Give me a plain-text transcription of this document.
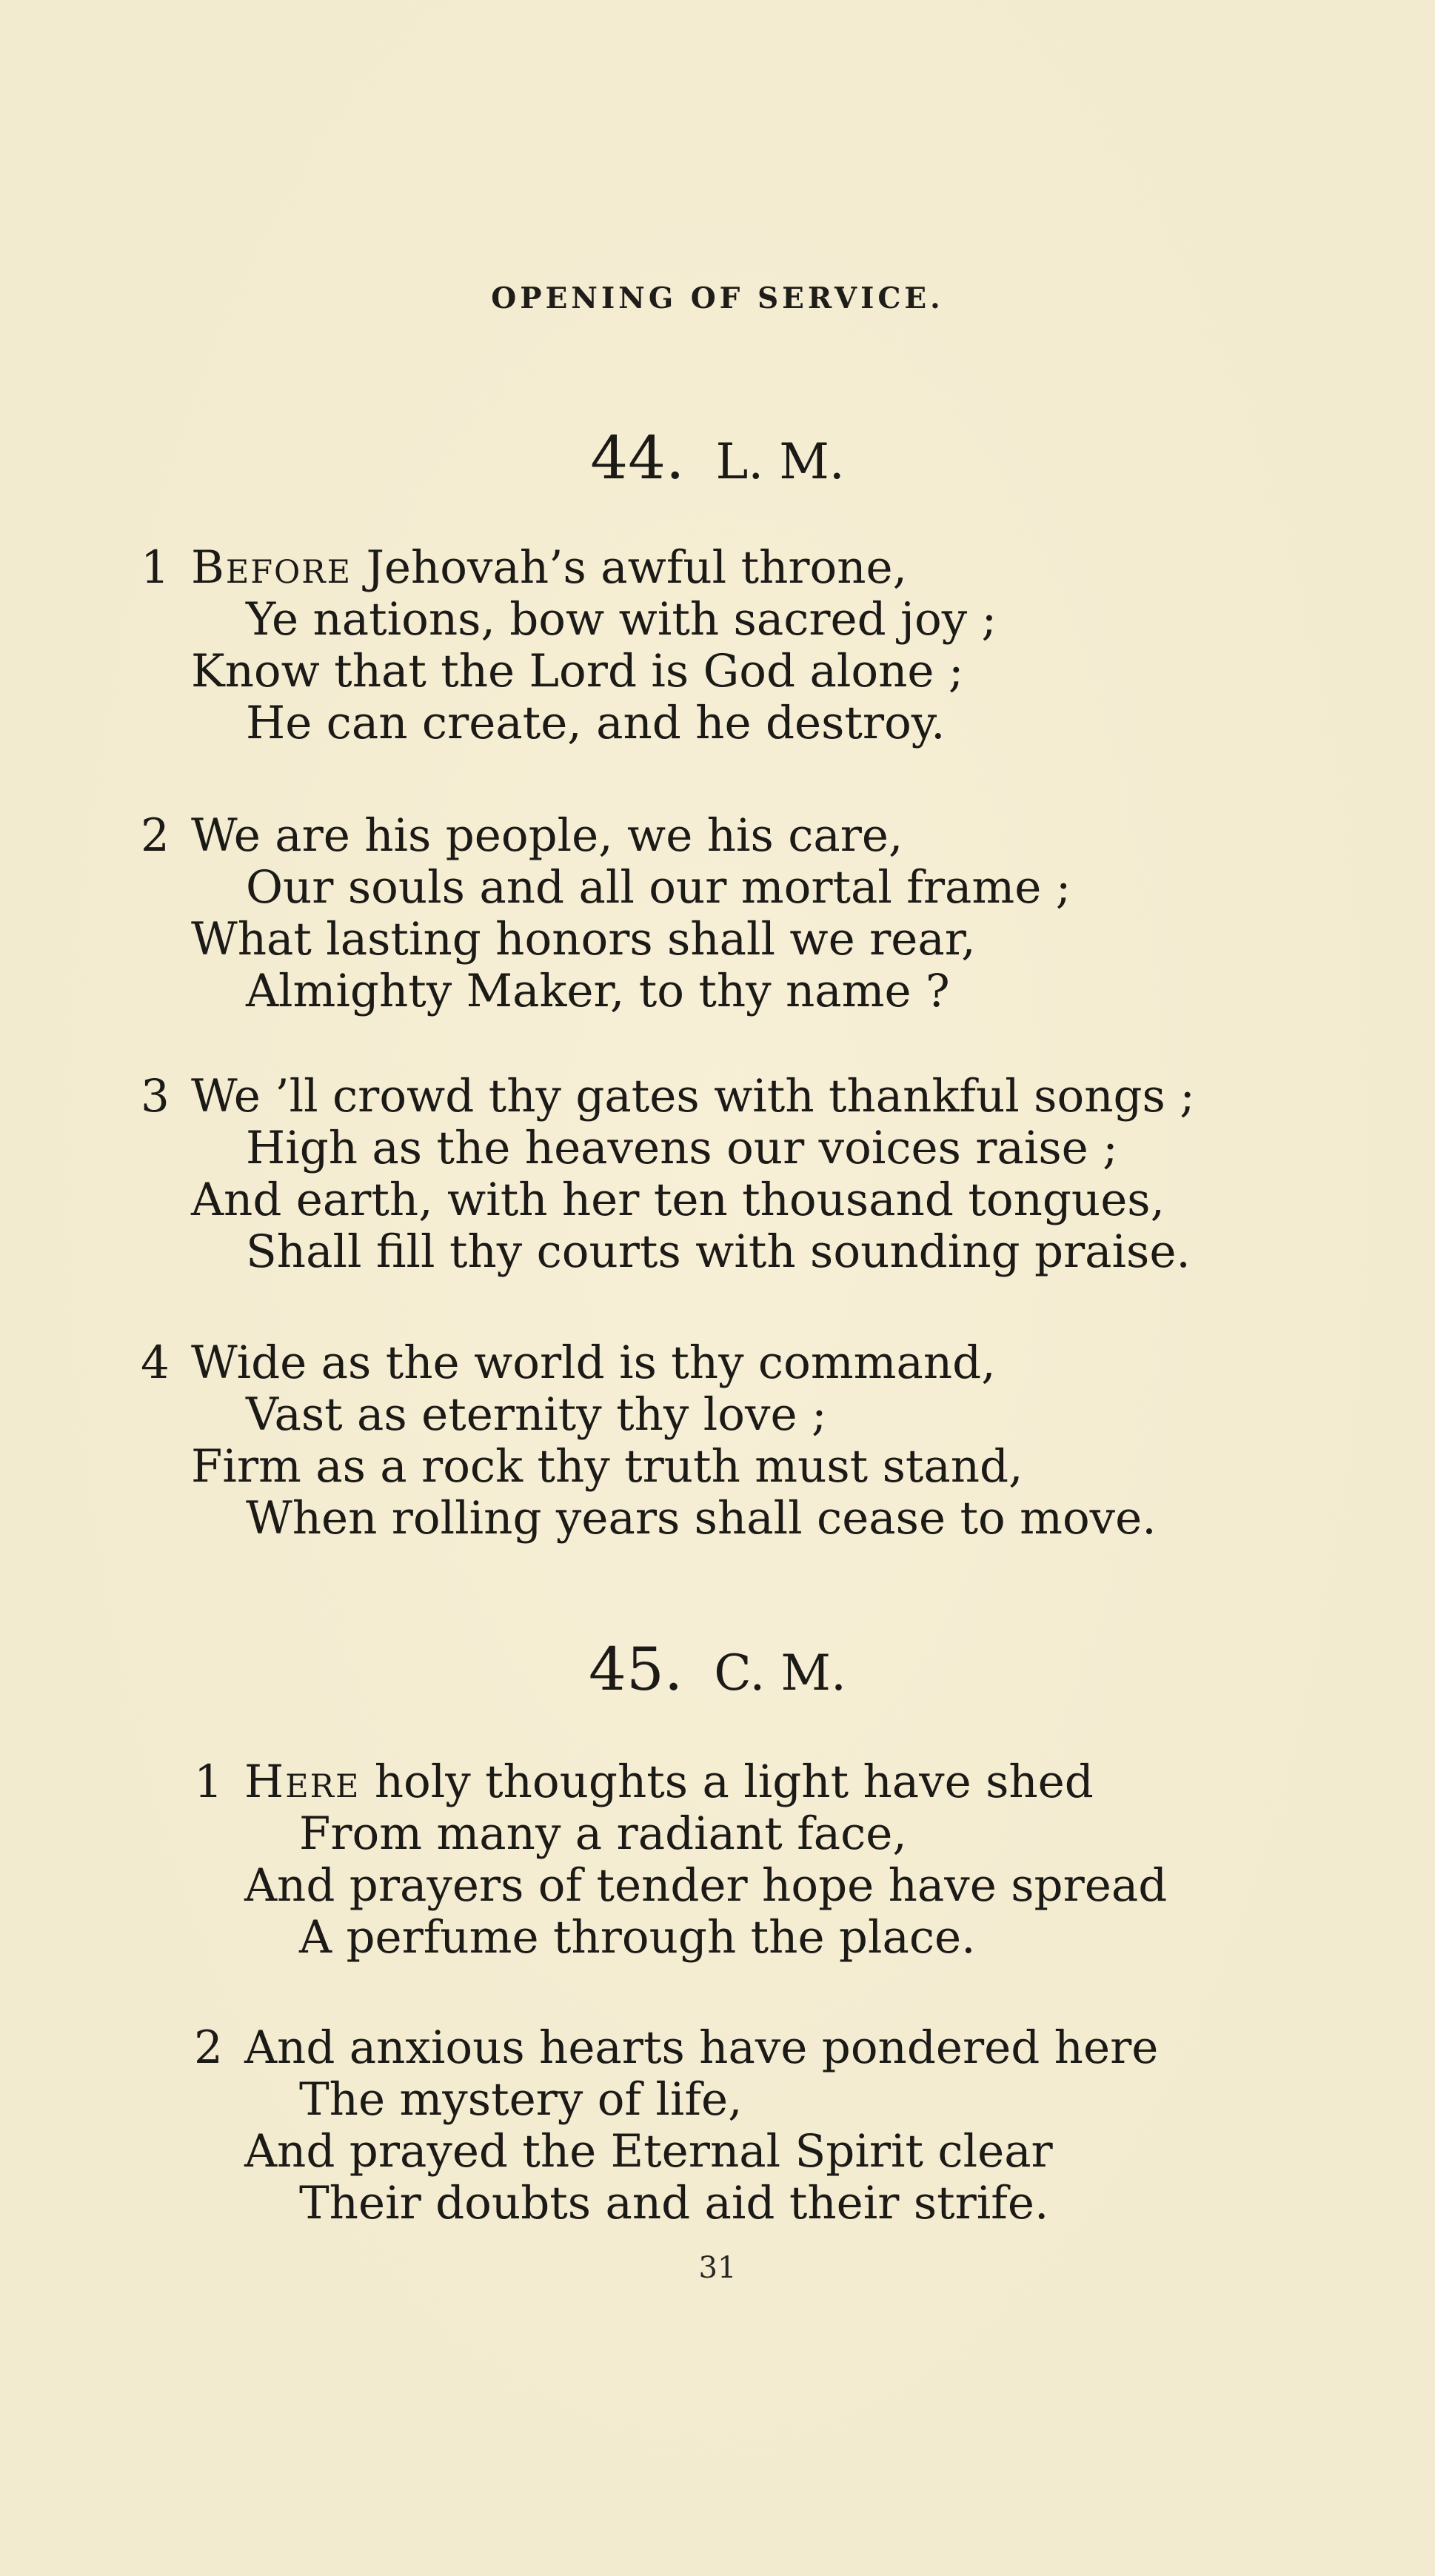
OPENING OF SERVICE.
44. L. M.
1 Before Jehovah’s awful throne,
Ye nations, bow with sacred joy ;
Know that the Lord is God alone ;
He can create, and he destroy.
2 We are his people, we his care,
Our souls and all our mortal frame ;
What lasting honors shall we rear,
Almighty Maker, to thy name ?
3 We ’ll crowd thy gates with thankful songs ;
High as the heavens our voices raise ;
And earth, with her ten thousand tongues,
Shall fill thy courts with sounding praise.
4 Wide as the world is thy command,
Vast as eternity thy love ;
Firm as a rock thy truth must stand,
When rolling years shall cease to move.
45. C. M.
1 Here holy thoughts a light have shed
From many a radiant face,
And prayers of tender hope have spread
A perfume through the place.
2 And anxious hearts have pondered here
The mystery of life,
And prayed the Eternal Spirit clear
Their doubts and aid their strife.
31
